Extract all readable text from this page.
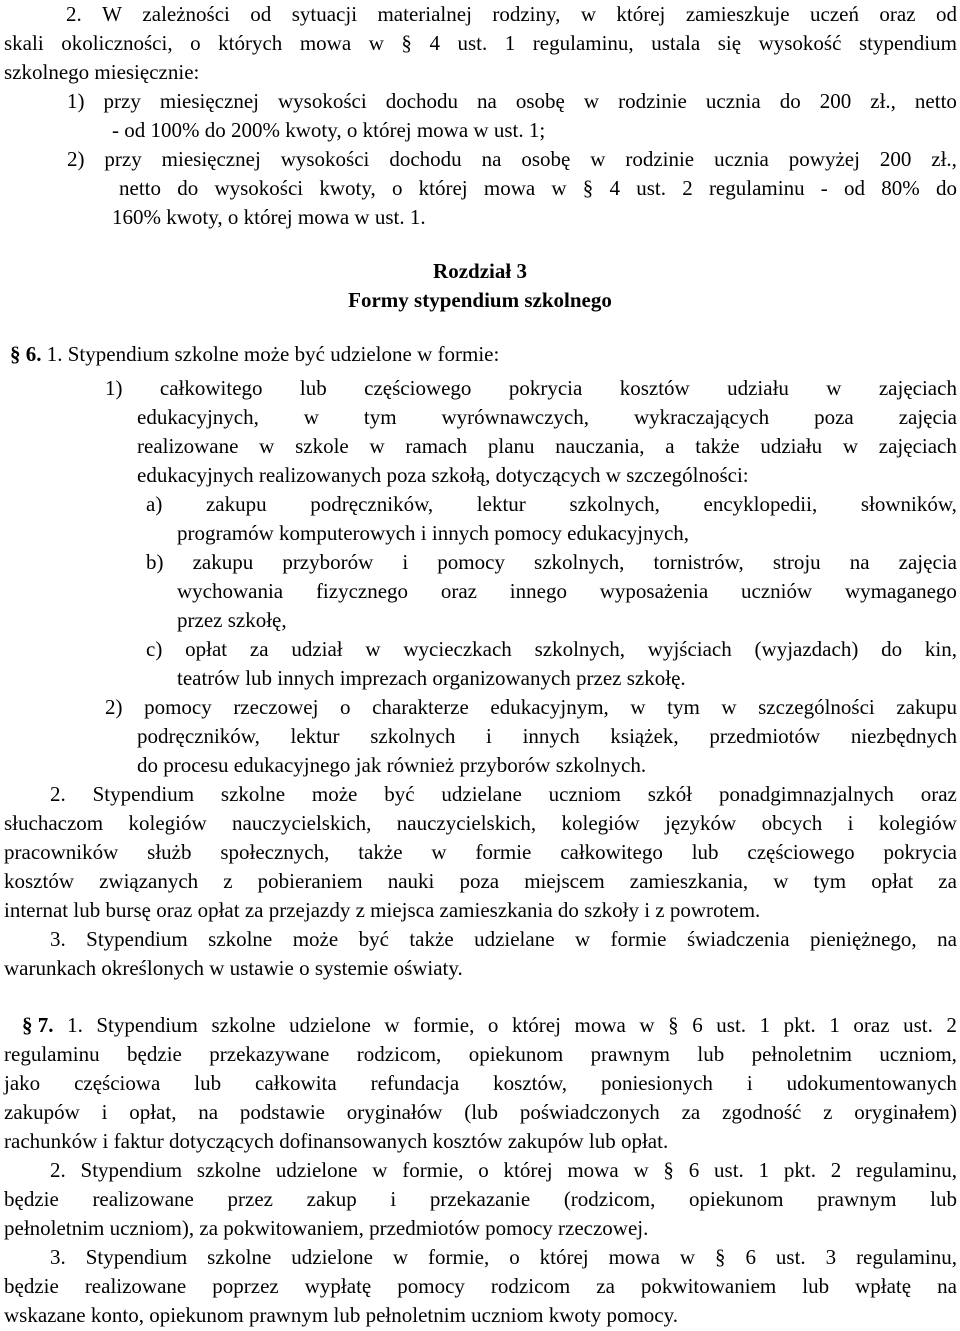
2. W zależności od sytuacji materialnej rodziny, w której zamieszkuje uczeń oraz od
skali okoliczności, o których mowa w § 4 ust. 1 regulaminu, ustala się wysokość stypendium
szkolnego miesięcznie:
1) przy miesięcznej wysokości dochodu na osobę w rodzinie ucznia do 200 zł., netto
- od 100% do 200% kwoty, o której mowa w ust. 1;
2) przy miesięcznej wysokości dochodu na osobę w rodzinie ucznia powyżej 200 zł.,
netto do wysokości kwoty, o której mowa w § 4 ust. 2 regulaminu - od 80% do
160% kwoty, o której mowa w ust. 1.
Rozdział 3
Formy stypendium szkolnego
§ 6. 1. Stypendium szkolne może być udzielone w formie:
1) całkowitego lub częściowego pokrycia kosztów udziału w zajęciach
edukacyjnych, w tym wyrównawczych, wykraczających poza zajęcia
realizowane w szkole w ramach planu nauczania, a także udziału w zajęciach
edukacyjnych realizowanych poza szkołą, dotyczących w szczególności:
a) zakupu podręczników, lektur szkolnych, encyklopedii, słowników,
programów komputerowych i innych pomocy edukacyjnych,
b) zakupu przyborów i pomocy szkolnych, tornistrów, stroju na zajęcia
wychowania fizycznego oraz innego wyposażenia uczniów wymaganego
przez szkołę,
c) opłat za udział w wycieczkach szkolnych, wyjściach (wyjazdach) do kin,
teatrów lub innych imprezach organizowanych przez szkołę.
2) pomocy rzeczowej o charakterze edukacyjnym, w tym w szczególności zakupu
podręczników, lektur szkolnych i innych książek, przedmiotów niezbędnych
do procesu edukacyjnego jak również przyborów szkolnych.
2. Stypendium szkolne może być udzielane uczniom szkół ponadgimnazjalnych oraz
słuchaczom kolegiów nauczycielskich, nauczycielskich, kolegiów języków obcych i kolegiów
pracowników służb społecznych, także w formie całkowitego lub częściowego pokrycia
kosztów związanych z pobieraniem nauki poza miejscem zamieszkania, w tym opłat za
internat lub bursę oraz opłat za przejazdy z miejsca zamieszkania do szkoły i z powrotem.
3. Stypendium szkolne może być także udzielane w formie świadczenia pieniężnego, na
warunkach określonych w ustawie o systemie oświaty.
§ 7. 1. Stypendium szkolne udzielone w formie, o której mowa w § 6 ust. 1 pkt. 1 oraz ust. 2
regulaminu będzie przekazywane rodzicom, opiekunom prawnym lub pełnoletnim uczniom,
jako częściowa lub całkowita refundacja kosztów, poniesionych i udokumentowanych
zakupów i opłat, na podstawie oryginałów (lub poświadczonych za zgodność z oryginałem)
rachunków i faktur dotyczących dofinansowanych kosztów zakupów lub opłat.
2. Stypendium szkolne udzielone w formie, o której mowa w § 6 ust. 1 pkt. 2 regulaminu,
będzie realizowane przez zakup i przekazanie (rodzicom, opiekunom prawnym lub
pełnoletnim uczniom), za pokwitowaniem, przedmiotów pomocy rzeczowej.
3. Stypendium szkolne udzielone w formie, o której mowa w § 6 ust. 3 regulaminu,
będzie realizowane poprzez wypłatę pomocy rodzicom za pokwitowaniem lub wpłatę na
wskazane konto, opiekunom prawnym lub pełnoletnim uczniom kwoty pomocy.
